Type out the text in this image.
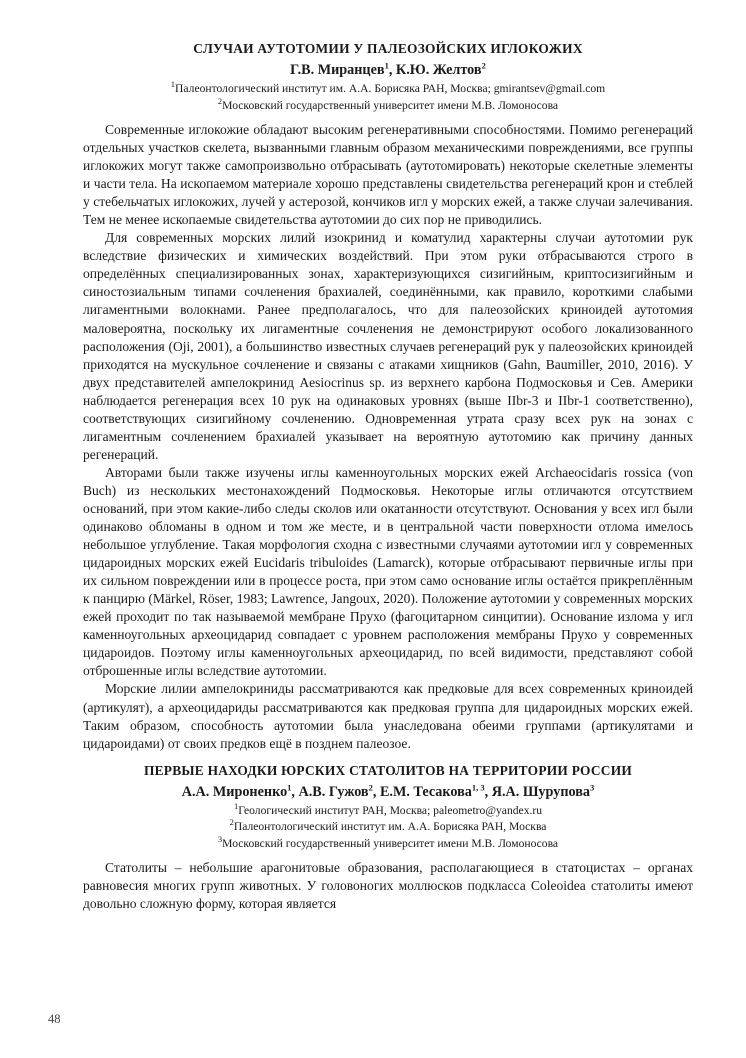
СЛУЧАИ АУТОТОМИИ У ПАЛЕОЗОЙСКИХ ИГЛОКОЖИХ
Г.В. Миранцев$^1$, К.Ю. Желтов$^2$
$^1$Палеонтологический институт им. А.А. Борисяка РАН, Москва; gmirantsev@gmail.com
$^2$Московский государственный университет имени М.В. Ломоносова

Современные иглокожие обладают высоким регенеративными способностями. Помимо регенераций отдельных участков скелета, вызванными главным образом механическими повреждениями, все группы иглокожих могут также самопроизвольно отбрасывать (аутотомировать) некоторые скелетные элементы и части тела. На ископаемом материале хорошо представлены свидетельства регенераций крон и стеблей у стебельчатых иглокожих, лучей у астерозой, кончиков игл у морских ежей, а также случаи залечивания. Тем не менее ископаемые свидетельства аутотомии до сих пор не приводились.

Для современных морских лилий изокринид и коматулид характерны случаи аутотомии рук вследствие физических и химических воздействий. При этом руки отбрасываются строго в определённых специализированных зонах, характеризующихся сизигийным, криптосизигийным и синостозиальным типами сочленения брахиалей, соединёнными, как правило, короткими слабыми лигаментными волокнами. Ранее предполагалось, что для палеозойских криноидей аутотомия маловероятна, поскольку их лигаментные сочленения не демонстрируют особого локализованного расположения (Oji, 2001), а большинство известных случаев регенераций рук у палеозойских криноидей приходятся на мускульное сочленение и связаны с атаками хищников (Gahn, Baumiller, 2010, 2016). У двух представителей ампелокринид Aesiocrinus sp. из верхнего карбона Подмосковья и Сев. Америки наблюдается регенерация всех 10 рук на одинаковых уровнях (выше IIbr-3 и IIbr-1 соответственно), соответствующих сизигийному сочленению. Одновременная утрата сразу всех рук на зонах с лигаментным сочленением брахиалей указывает на вероятную аутотомию как причину данных регенераций.

Авторами были также изучены иглы каменноугольных морских ежей Archaeocidaris rossica (von Buch) из нескольких местонахождений Подмосковья. Некоторые иглы отличаются отсутствием оснований, при этом какие-либо следы сколов или окатанности отсутствуют. Основания у всех игл были одинаково обломаны в одном и том же месте, и в центральной части поверхности отлома имелось небольшое углубление. Такая морфология сходна с известными случаями аутотомии игл у современных цидароидных морских ежей Eucidaris tribuloides (Lamarck), которые отбрасывают первичные иглы при их сильном повреждении или в процессе роста, при этом само основание иглы остаётся прикреплённым к панцирю (Märkel, Röser, 1983; Lawrence, Jangoux, 2020). Положение аутотомии у современных морских ежей проходит по так называемой мембране Прухо (фагоцитарном синцитии). Основание излома у игл каменноугольных археоцидарид совпадает с уровнем расположения мембраны Прухо у современных цидароидов. Поэтому иглы каменноугольных археоцидарид, по всей видимости, представляют собой отброшенные иглы вследствие аутотомии.

Морские лилии ампелокриниды рассматриваются как предковые для всех современных криноидей (артикулят), а археоцидариды рассматриваются как предковая группа для цидароидных морских ежей. Таким образом, способность аутотомии была унаследована обеими группами (артикулятами и цидароидами) от своих предков ещё в позднем палеозое.

ПЕРВЫЕ НАХОДКИ ЮРСКИХ СТАТОЛИТОВ НА ТЕРРИТОРИИ РОССИИ
А.А. Мироненко$^1$, А.В. Гужов$^2$, Е.М. Тесакова$^{1, 3}$, Я.А. Шурупова$^3$
$^1$Геологический институт РАН, Москва; paleometro@yandex.ru
$^2$Палеонтологический институт им. А.А. Борисяка РАН, Москва
$^3$Московский государственный университет имени М.В. Ломоносова

Статолиты – небольшие арагонитовые образования, располагающиеся в статоцистах – органах равновесия многих групп животных. У головоногих моллюсков подкласса Coleoidea статолиты имеют довольно сложную форму, которая является

48
